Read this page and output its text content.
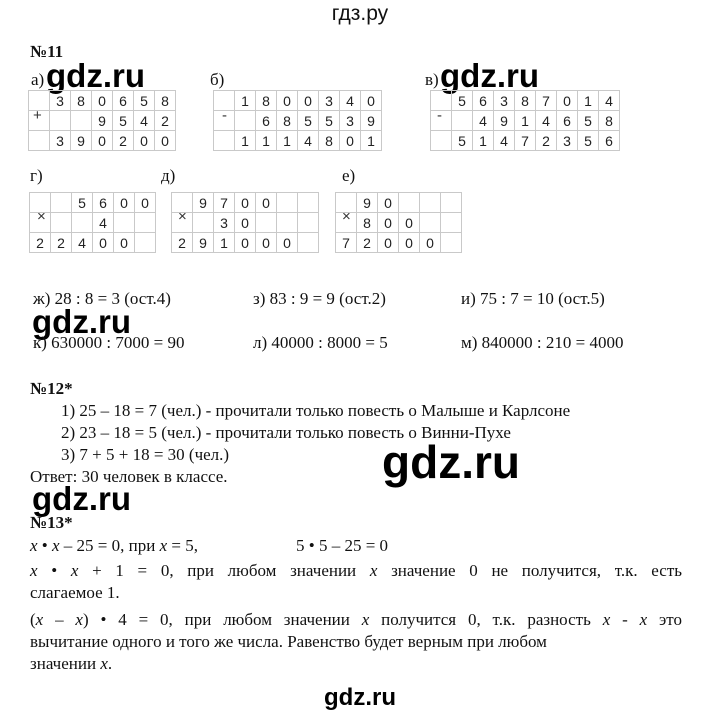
гдз.ру
№11
а) gdz.ru
+
	3	8	0	6	5	8
			9	5	4	2
	3	9	0	2	0	0
б)
-
	1	8	0	0	3	4	0
		6	8	5	5	3	9
	1	1	1	4	8	0	1
в) gdz.ru
-
	5	6	3	8	7	0	1	4
		4	9	1	4	6	5	8
	5	1	4	7	2	3	5	6
г)
×
		5	6	0	0
			4		
2	2	4	0	0	
д)
×
	9	7	0	0		
		3	0			
2	9	1	0	0	0	
е)
×
	9	0			
	8	0	0		
7	2	0	0	0	
ж) 28 : 8 = 3 (ост.4)	з) 83 : 9 = 9 (ост.2)	и) 75 : 7 = 10 (ост.5)
gdz.ru
к) 630000 : 7000 = 90	л) 40000 : 8000 = 5	м) 840000 : 210 = 4000
№12*
1) 25 – 18 = 7 (чел.) - прочитали только повесть о Малыше и Карлсоне
2) 23 – 18 = 5 (чел.) - прочитали только повесть о Винни-Пухе
3) 7 + 5 + 18 = 30 (чел.)	gdz.ru
Ответ: 30 человек в классе.
gdz.ru
№13*
x • x – 25 = 0, при x = 5,	5 • 5 – 25 = 0
x • x + 1 = 0, при любом значении x значение 0 не получится, т.к. есть
слагаемое 1.
(x – x) • 4 = 0, при любом значении x получится 0, т.к. разность x - x это
вычитание одного и того же числа. Равенство будет верным при любом
значении x.
gdz.ru
